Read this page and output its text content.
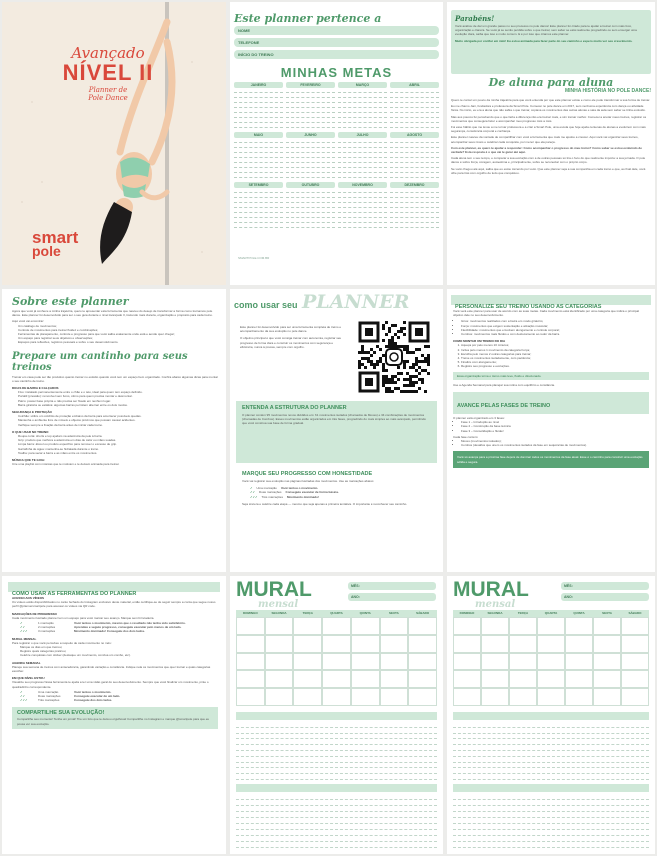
Avançado
NÍVEL II
Planner de
Pole Dance
smart
pole
Este planner pertence a
NOME
TELEFONE
INÍCIO DO TREINO
MINHAS METAS
JANEIRO	FEVEREIRO	MARÇO	ABRIL
MAIO	JUNHO	JULHO	AGOSTO
SETEMBRO	OUTUBRO	NOVEMBRO	DEZEMBRO
SMARTPOLE.COM.BR
Parabéns!
Você acabou de dar um grande passo no seu processo no pole dance! Este planner foi criado para te ajudar a treinar com mais foco, organização e clareza. Se você já se sentiu perdida sobre o que treinar, sem saber se está realmente progredindo ou sem enxergar uma evolução clara, saiba que isso é muito comum. E é por isso que criamos este planner.
Muito obrigada por confiar em mim! Eu estou animada para fazer parte do seu caminho e espero muito ver seu crescimento.
De aluna para aluna
MINHA HISTÓRIA NO POLE DANCE!

Quero te contar um pouco da minha trajetória para que você entenda por que este planner existe e como ele pode transformar a sua forma de treinar.

Eu me chamo Jani, fundadora e professora da Smart Pole. Comecei no pole dance em 2017, sem nenhuma experiência com dança ou atividade física. No início, eu era a aluna que não sabia o que treinar, copiava os movimentos das outras alunas e saía da aula sem saber se tinha evoluído.

Mas aos poucos fui percebendo que o que fazia a diferença não era treinar mais, e sim treinar melhor. Comecei a anotar meus treinos, registrar os movimentos que conseguia fazer e acompanhar meu progresso mês a mês.

Foi esse hábito que me levou a me tornar professora e a criar a Smart Pole, uma escola que hoje ajuda centenas de alunas a evoluírem com mais segurança, consciência corporal e confiança.

Este planner nasceu da vontade de compartilhar com você a ferramenta que mais me ajudou a crescer. Aqui você vai organizar seus treinos, acompanhar seus níveis e celebrar cada conquista, por menor que ela pareça.

Com este planner, eu quero te ajudar a responder: Como acompanhar o progresso do meu treino? Como saber se estou evoluindo de verdade? Esta resposta é o que vai te guiar até aqui.

Cada aluna tem o seu tempo, e comparar a sua evolução com a de outras pessoas só tira o foco do que realmente importa: a sua jornada. O pole dance é sobre força, coragem, autoestima e, principalmente, sobre se reconectar com o próprio corpo.

Se você chegou até aqui, saiba que eu estou torcendo por você. Que este planner seja a sua companhia em cada treino e que, ao final dele, você olhe para trás com orgulho de tudo que conquistou.

Sobre este planner

Agora que você já conhece a minha trajetória, quero te apresentar esta ferramenta que nasceu do desejo de transformar a forma como treinamos pole dance. Este planner foi desenvolvido para ser o seu guia durante o nível Avançado II, trazendo mais clareza, organização e propósito para cada treino.

Aqui você vai encontrar:

Um catálogo de movimentos;
Controle de movimentos para treinar fluidez e combinações;
Ferramentas de planejamento, controle e progresso para que você saiba exatamente onde está e aonde quer chegar;
Um espaço para registrar seus objetivos e observações;
Espaços para reflexões, registros pessoais e sobre o seu desenvolvimento.
Prepare um cantinho para seus treinos

Treinar em casa pode ser tão produtivo quanto treinar no estúdio quando você tem um espaço bem organizado. Confira abaixo algumas dicas para montar o seu cantinho de treino.

DICAS DE BARRA E CALÇADOS
Fixo: instalado permanentemente entre o chão e o teto, ideal para quem tem espaço definido.
Portátil (pressão): removível sem furos, ótimo para quem precisa montar e desmontar.
Palco: possui base própria e não precisa ser fixado em nenhum lugar.
Barra giratória ou estática: algumas barras permitem alternar entre os dois modos.
SEGURANÇA E PROTEÇÃO
Colchão: utilize um colchão de proteção embaixo da barra para amortecer possíveis quedas.
Mantenha o ambiente livre de móveis e objetos próximos que possam causar acidentes.
Verifique sempre a fixação da barra antes de iniciar cada treino.
O QUE USAR NO TREINO
Roupa curta: shorts e top ajudam na aderência da pele à barra.
Grip: produto que melhora a aderência em dias de calor ou mãos suadas.
Limpa barra: álcool ou produto específico para remover o excesso de grip.
Garrafinha de água: mantenha-se hidratada durante o treino.
Toalha: para secar a barra e as mãos entre os movimentos.
MÚSICA QUE TE GUIA:

Crie uma playlist com músicas que te motivam e te deixam animada para treinar.

como usar seu PLANNER

Este planner foi desenvolvido para ser uma ferramenta completa de treino e acompanhamento da sua evolução no pole dance.

O objetivo principal é que você consiga treinar com autonomia, registrar seu progresso de forma clara e construir os movimentos com segurança e eficiência, nunca à pressa, sempre com orgulho.

ENTENDA A ESTRUTURA DO PLANNER

O planner contém 95 movimentos novos divididos em: 61 movimentos isolados (chamados de Moves) e 34 combinações de movimentos (chamadas de Combos). Esses movimentos estão organizados em três fases, progredindo do mais simples ao mais avançado, permitindo que você construa sua base de forma gradual.

MARQUE SEU PROGRESSO COM HONESTIDADE

Você vai registrar sua evolução nas páginas ilustradas dos movimentos. Use as marcações abaixo:

✓ Uma marcação Você tentou o movimento.
✓✓ Duas marcações Conseguiu executar de forma básica.
✓✓✓ Três marcações Movimento dominado!

Seja sincera e celebre cada etapa — mesmo que seja apenas a primeira tentativa. O importante é reconhecer seu caminho.

PERSONALIZE SEU TREINO USANDO AS CATEGORIAS

Você verá este planner para usar de acordo com as suas metas. Cada movimento está identificado por uma categoria que indica o principal objetivo dele no seu desenvolvimento.

• Giros: movimentos realizados com a barra em modo giratório;
• Força: movimentos que exigem sustentação e ativação muscular;
• Flexibilidade: movimentos que envolvem alongamento e controle corporal;
• Combos: movimentos mais fluidos e com deslocamento ao redor da barra.
COMO MONTAR UM TREINO DO DIA
1. Aqueça por pelo menos 10 minutos;
2. Inclua pelo menos 1 movimento da categoria Força;
3. Escolha pelo menos 2 outras categorias para treinar;
4. Treine os movimentos isoladamente, com paciência;
5. Finalize com alongamento;
6. Registre seu progresso e evoluções.

Essa organização torna o treino mais leve, fluido e direcionado.

Use a Agenda Semanal para planejar sua rotina com equilíbrio e constância.

AVANCE PELAS FASES DE TREINO

O planner está organizado em 3 fases:

• Fase 1 – Introdução ao nível
• Fase 2 – Construção da base técnica
• Fase 3 – Consolidação e fluidez

Cada fase contém:

• Moves (movimentos isolados);
• Combos (desafios que unem os movimentos isolados da fase em sequências de movimentos).

Você só avança para a próxima fase depois de dominar todos os movimentos da fase atual. Esse é o caminho para construir uma evolução sólida e segura.

COMO USAR AS FERRAMENTAS DO PLANNER
ACESSO AOS VÍDEOS

Os vídeos estão disponibilizados no canto fechado do Instagram exclusivo deste material, então certifique-se de seguir sempre a conta que segue nosso perfil @plannersmartpole para acessar os vídeos via QR code.

MARCAÇÕES DE PROGRESSO

Cada movimento ilustrado planner tem um espaço para você marcar seu avanço. Marque sem brincadeira.

✓	1 marcação	Você tentou o movimento, mesmo que o resultado não tenha sido satisfatório.
✓✓	2 marcações	Aprendeu e seguiu progresso, conseguiu executar pelo menos de um lado.
✓✓✓	3 marcações	Movimento dominado! Conseguiu dos dois lados.
MURAL MENSAL

Para registrar o que você percebeu a respeito de cada movimento no mês:

Marque os dias em que treinou;
Registre quais categorias praticou;
Celebre conquistas com sticker (destaque um movimento, conclua um combo, etc).
AGENDA SEMANAL

Planeje sua semana de treinos com antecedência, garantindo variação e constância. Indique nela os movimentos que quer treinar e quais categorias escolher.

EM QUE NÍVEL ESTOU

Visualize seu progresso! Essa ferramenta te ajuda a ter uma visão geral do seu desenvolvimento. Sempre que você finalizar um movimento, pinte o quadradinho correspondente.

✓	Uma marcação	Você tentou o movimento.
✓✓	Duas marcações	Conseguiu executar de um lado.
✓✓✓	Três marcações	Conseguiu dos dois lados.
COMPARTILHE SUA EVOLUÇÃO!

Compartilhe seu momento! Tenha um jornal! Tire um foto que te deixou orgulhosa! Compartilhe no Instagram e marque @smartpole para que eu possa ver sua evolução.

MURAL
mensal
MÊS:
ANO:
DOMINGO	SEGUNDA	TERÇA	QUARTA	QUINTA	SEXTA	SÁBADO
MINHAS EVOLUÇÕES
ANOTAÇÕES
MURAL
mensal
MÊS:
ANO:
DOMINGO	SEGUNDA	TERÇA	QUARTA	QUINTA	SEXTA	SÁBADO
MINHAS EVOLUÇÕES
ANOTAÇÕES
